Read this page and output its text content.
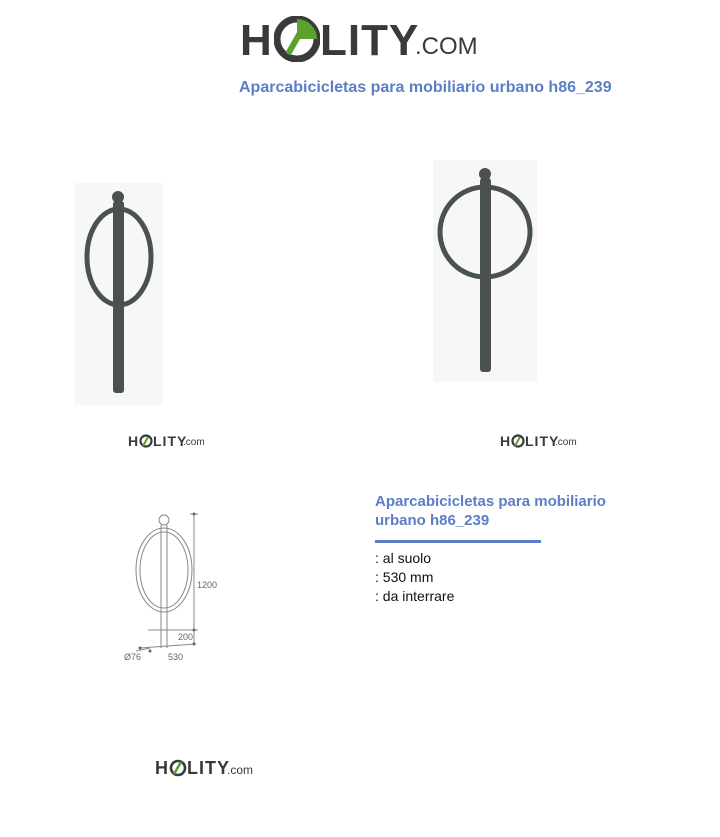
H LITY
.COM
Aparcabicicletas para mobiliario urbano h86_239
H LITY
.com	H LITY
.com
1200
200
Ø76	530
Aparcabicicletas para mobiliario
urbano h86_239
: al suolo
: 530 mm
: da interrare
H LITY
.com
